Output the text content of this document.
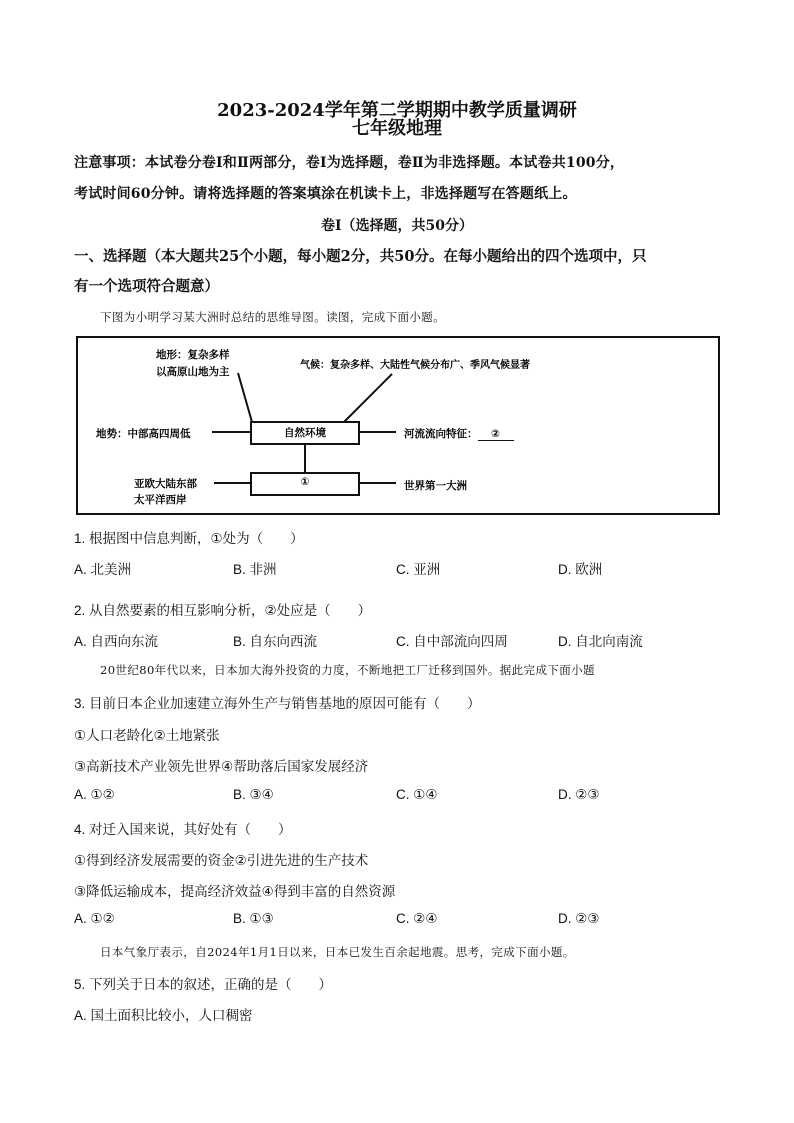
2023-2024学年第二学期期中教学质量调研
七年级地理
注意事项：本试卷分卷Ⅰ和Ⅱ两部分，卷Ⅰ为选择题，卷Ⅱ为非选择题。本试卷共100分，
考试时间60分钟。请将选择题的答案填涂在机读卡上，非选择题写在答题纸上。
卷Ⅰ（选择题，共50分）
一、选择题（本大题共25个小题，每小题2分，共50分。在每小题给出的四个选项中，只
有一个选项符合题意）
下图为小明学习某大洲时总结的思维导图。读图，完成下面小题。
自然环境
①
地形：复杂多样
以高原山地为主
气候：复杂多样、大陆性气候分布广、季风气候显著
地势：中部高四周低	河流流向特征： ②
亚欧大陆东部
太平洋西岸
世界第一大洲
1. 根据图中信息判断，①处为（　　）
A. 北美洲	B. 非洲	C. 亚洲	D. 欧洲
2. 从自然要素的相互影响分析，②处应是（　　）
A. 自西向东流	B. 自东向西流	C. 自中部流向四周	D. 自北向南流
20世纪80年代以来，日本加大海外投资的力度，不断地把工厂迁移到国外。据此完成下面小题
3. 目前日本企业加速建立海外生产与销售基地的原因可能有（　　）
①人口老龄化②土地紧张
③高新技术产业领先世界④帮助落后国家发展经济
A. ①②	B. ③④	C. ①④	D. ②③
4. 对迁入国来说，其好处有（　　）
①得到经济发展需要的资金②引进先进的生产技术
③降低运输成本，提高经济效益④得到丰富的自然资源
A. ①②	B. ①③	C. ②④	D. ②③
日本气象厅表示，自2024年1月1日以来，日本已发生百余起地震。思考，完成下面小题。
5. 下列关于日本的叙述，正确的是（　　）
A. 国土面积比较小，人口稠密
